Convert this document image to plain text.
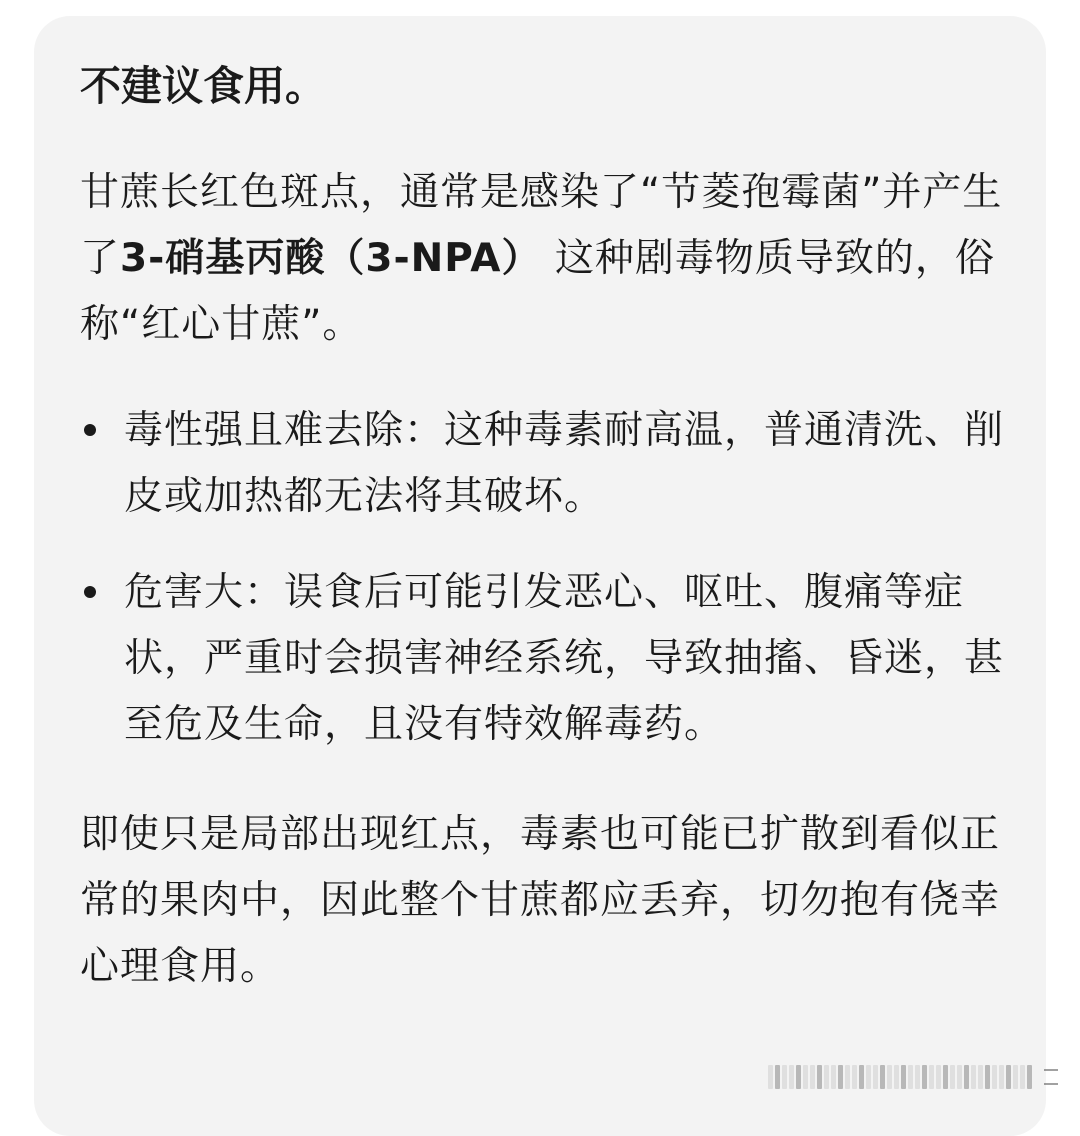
不建议食用。

甘蔗长红色斑点，通常是感染了“节菱孢霉菌”并产生了3-硝基丙酸（3-NPA） 这种剧毒物质导致的，俗称“红心甘蔗”。

毒性强且难去除：这种毒素耐高温，普通清洗、削皮或加热都无法将其破坏。
危害大：误食后可能引发恶心、呕吐、腹痛等症状，严重时会损害神经系统，导致抽搐、昏迷，甚至危及生命，且没有特效解毒药。

即使只是局部出现红点，毒素也可能已扩散到看似正常的果肉中，因此整个甘蔗都应丢弃，切勿抱有侥幸心理食用。
